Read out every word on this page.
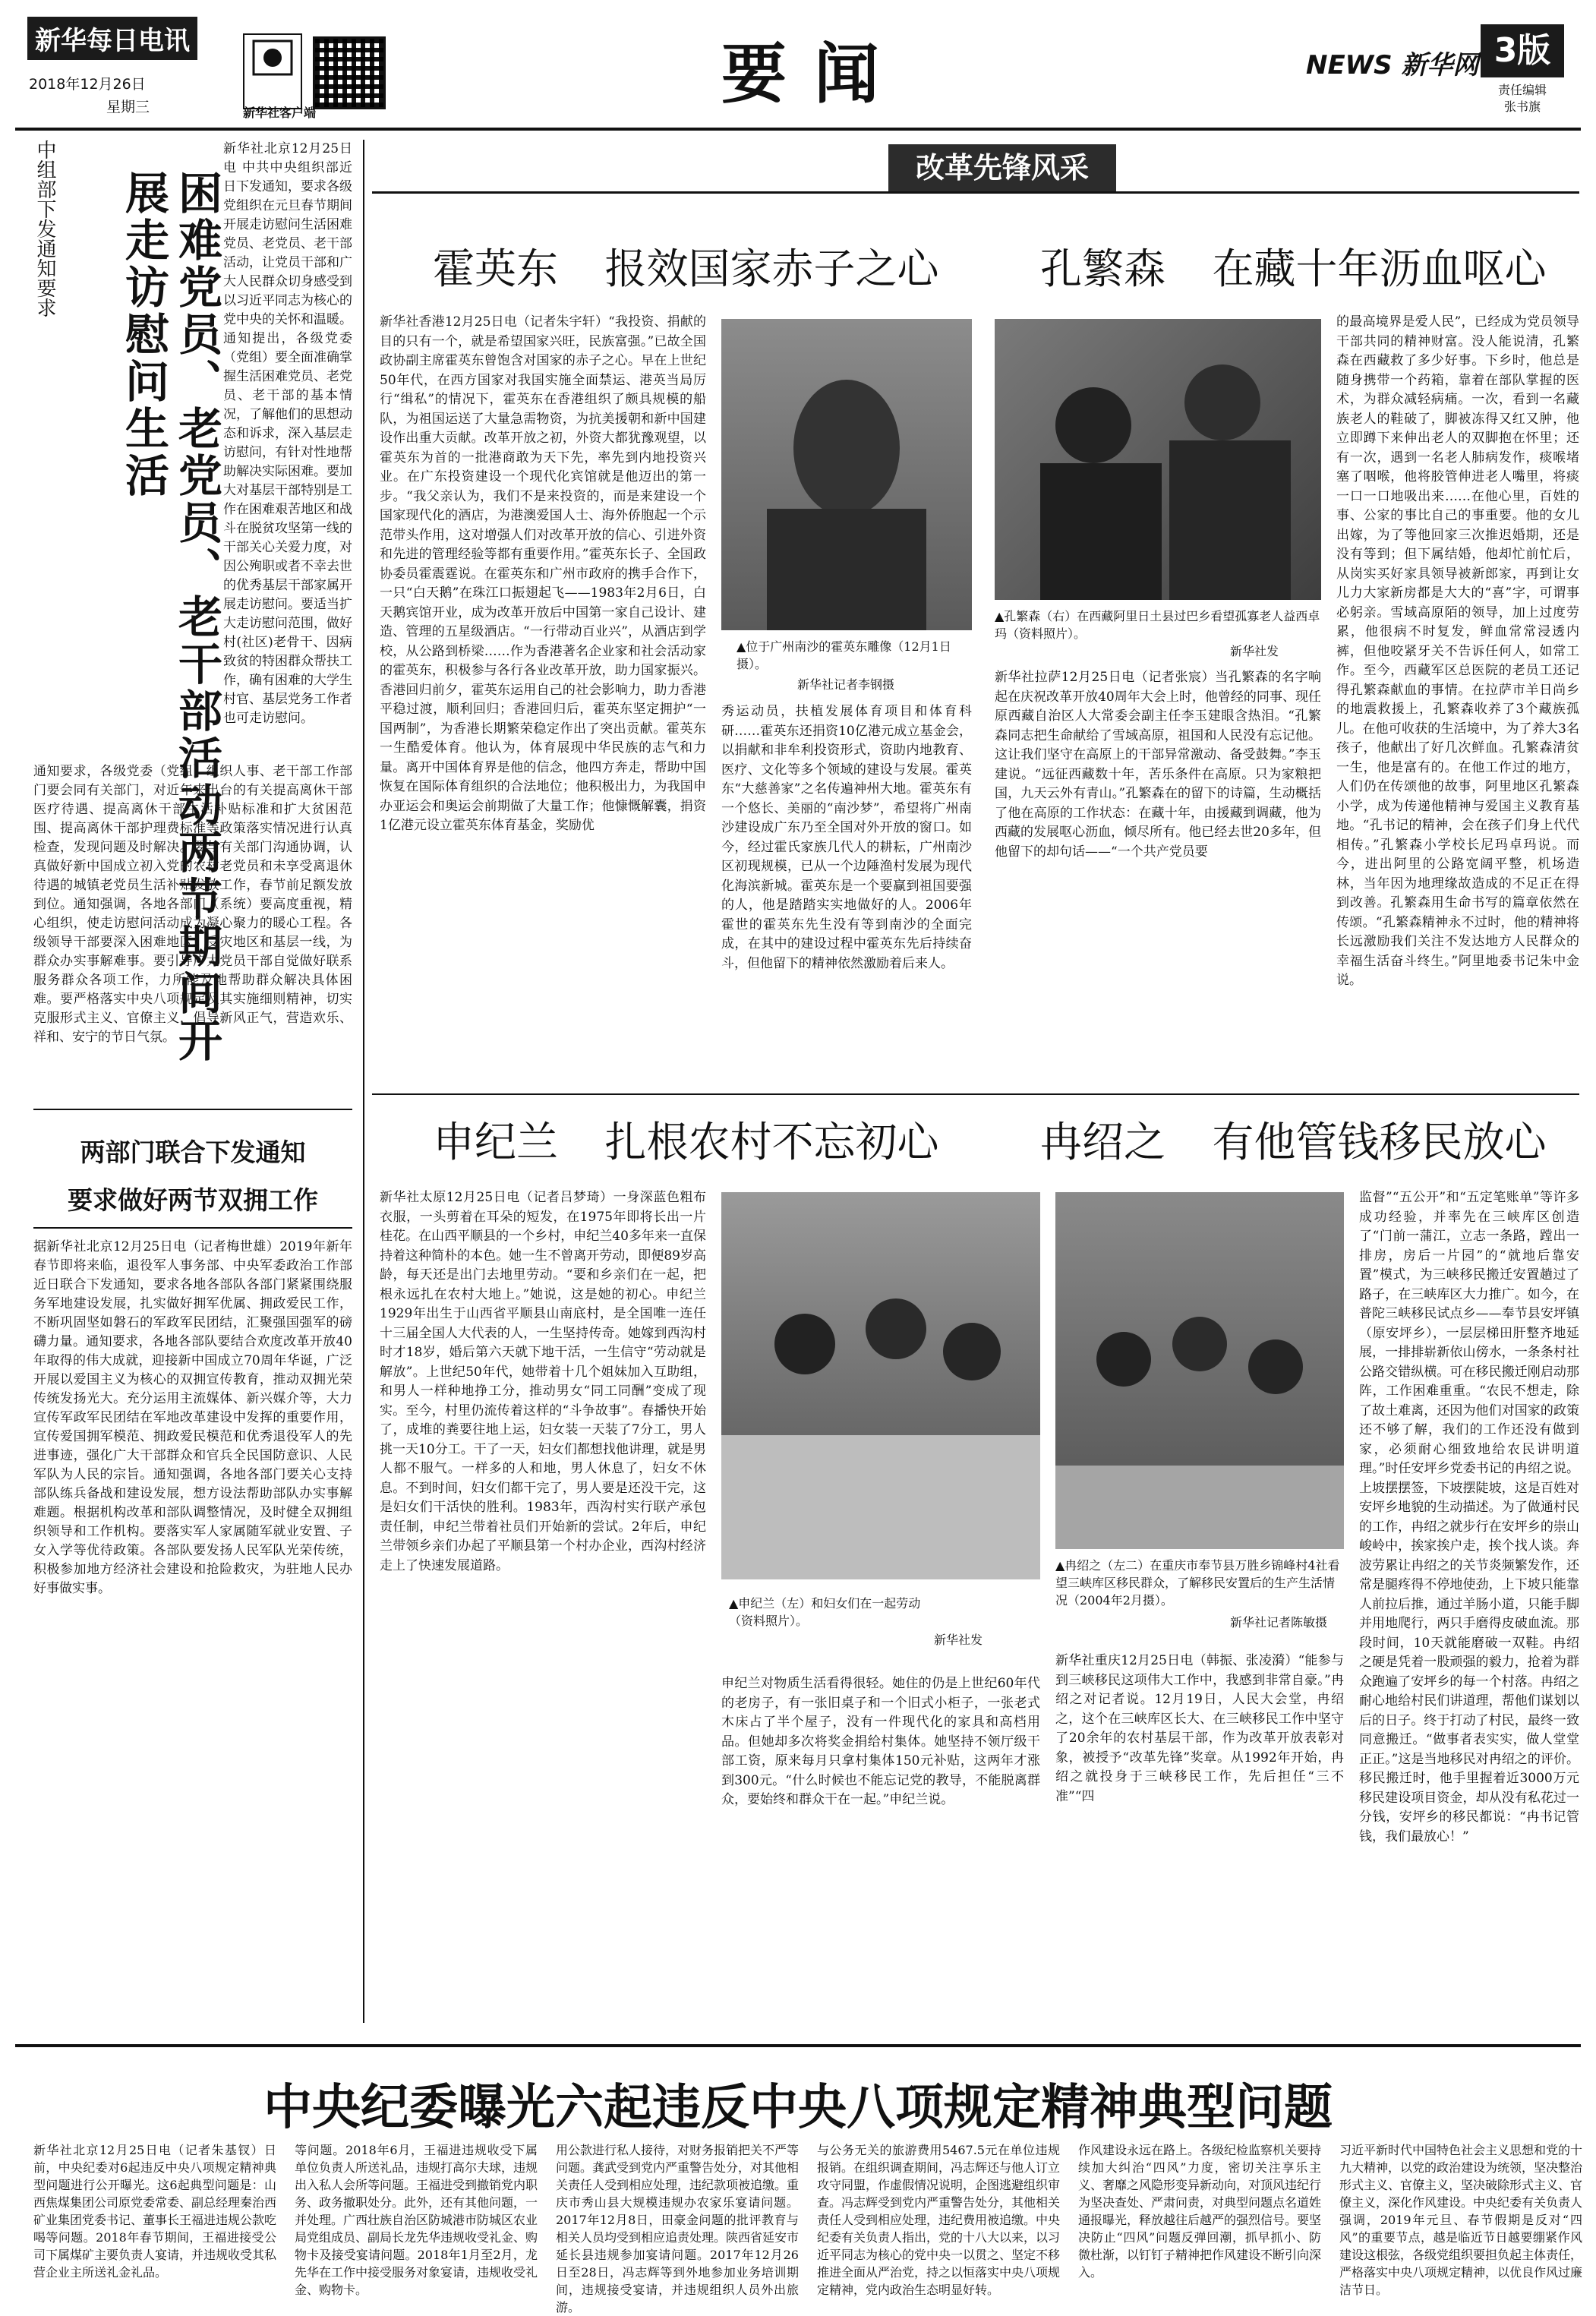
新华每日电讯
2018年12月26日
星期三	新华社客户端
要闻	NEWS 新华网 3版
责任编辑
张书旗
中组部下发通知要求	困难党员、老党员、老干部活动两节期间开展走访慰问生活
新华社北京12月25日电 中共中央组织部近日下发通知，要求各级党组织在元旦春节期间开展走访慰问生活困难党员、老党员、老干部活动，让党员干部和广大人民群众切身感受到以习近平同志为核心的党中央的关怀和温暖。通知提出，各级党委（党组）要全面准确掌握生活困难党员、老党员、老干部的基本情况，了解他们的思想动态和诉求，深入基层走访慰问，有针对性地帮助解决实际困难。要加大对基层干部特别是工作在困难艰苦地区和战斗在脱贫攻坚第一线的干部关心关爱力度，对因公殉职或者不幸去世的优秀基层干部家属开展走访慰问。要适当扩大走访慰问范围，做好村(社区)老骨干、因病致贫的特困群众帮扶工作，确有困难的大学生村官、基层党务工作者也可走访慰问。
通知要求，各级党委（党组）组织人事、老干部工作部门要会同有关部门，对近年来出台的有关提高离休干部医疗待遇、提高离休干部生活补贴标准和扩大贫困范围、提高离休干部护理费标准等政策落实情况进行认真检查，发现问题及时解决。要与有关部门沟通协调，认真做好新中国成立初入党的农村老党员和未享受离退休待遇的城镇老党员生活补贴发放工作，春节前足额发放到位。通知强调，各地各部门（系统）要高度重视，精心组织，使走访慰问活动成为凝心聚力的暖心工程。各级领导干部要深入困难地区、受灾地区和基层一线，为群众办实事解难事。要引导广大党员干部自觉做好联系服务群众各项工作，力所能及地帮助群众解决具体困难。要严格落实中央八项规定及其实施细则精神，切实克服形式主义、官僚主义，倡导新风正气，营造欢乐、祥和、安宁的节日气氛。
两部门联合下发通知
要求做好两节双拥工作
据新华社北京12月25日电（记者梅世雄）2019年新年春节即将来临，退役军人事务部、中央军委政治工作部近日联合下发通知，要求各地各部队各部门紧紧围绕服务军地建设发展，扎实做好拥军优属、拥政爱民工作，不断巩固坚如磐石的军政军民团结，汇聚强国强军的磅礴力量。通知要求，各地各部队要结合欢度改革开放40年取得的伟大成就，迎接新中国成立70周年华诞，广泛开展以爱国主义为核心的双拥宣传教育，推动双拥光荣传统发扬光大。充分运用主流媒体、新兴媒介等，大力宣传军政军民团结在军地改革建设中发挥的重要作用，宣传爱国拥军模范、拥政爱民模范和优秀退役军人的先进事迹，强化广大干部群众和官兵全民国防意识、人民军队为人民的宗旨。通知强调，各地各部门要关心支持部队练兵备战和建设发展，想方设法帮助部队办实事解难题。根据机构改革和部队调整情况，及时健全双拥组织领导和工作机构。要落实军人家属随军就业安置、子女入学等优待政策。各部队要发扬人民军队光荣传统，积极参加地方经济社会建设和抢险救灾，为驻地人民办好事做实事。
改革先锋风采
霍英东 报效国家赤子之心
新华社香港12月25日电（记者朱宇轩）“我投资、捐献的目的只有一个，就是希望国家兴旺，民族富强。”已故全国政协副主席霍英东曾饱含对国家的赤子之心。早在上世纪50年代，在西方国家对我国实施全面禁运、港英当局厉行“缉私”的情况下，霍英东在香港组织了颇具规模的船队，为祖国运送了大量急需物资，为抗美援朝和新中国建设作出重大贡献。改革开放之初，外资大都犹豫观望，以霍英东为首的一批港商敢为天下先，率先到内地投资兴业。在广东投资建设一个现代化宾馆就是他迈出的第一步。“我父亲认为，我们不是来投资的，而是来建设一个国家现代化的酒店，为港澳爱国人士、海外侨胞起一个示范带头作用，这对增强人们对改革开放的信心、引进外资和先进的管理经验等都有重要作用。”霍英东长子、全国政协委员霍震霆说。在霍英东和广州市政府的携手合作下，一只“白天鹅”在珠江口振翅起飞——1983年2月6日，白天鹅宾馆开业，成为改革开放后中国第一家自己设计、建造、管理的五星级酒店。“一行带动百业兴”，从酒店到学校，从公路到桥梁……作为香港著名企业家和社会活动家的霍英东，积极参与各行各业改革开放，助力国家振兴。香港回归前夕，霍英东运用自己的社会影响力，助力香港平稳过渡，顺利回归；香港回归后，霍英东坚定拥护“一国两制”，为香港长期繁荣稳定作出了突出贡献。霍英东一生酷爱体育。他认为，体育展现中华民族的志气和力量。离开中国体育界是他的信念，他四方奔走，帮助中国恢复在国际体育组织的合法地位；他积极出力，为我国申办亚运会和奥运会前期做了大量工作；他慷慨解囊，捐资1亿港元设立霍英东体育基金，奖励优
▲位于广州南沙的霍英东雕像（12月1日摄）。
新华社记者李钢摄
秀运动员，扶植发展体育项目和体育科研……霍英东还捐资10亿港元成立基金会，以捐献和非牟利投资形式，资助内地教育、医疗、文化等多个领域的建设与发展。霍英东“大慈善家”之名传遍神州大地。霍英东有一个悠长、美丽的“南沙梦”，希望将广州南沙建设成广东乃至全国对外开放的窗口。如今，经过霍氏家族几代人的耕耘，广州南沙区初现规模，已从一个边陲渔村发展为现代化海滨新城。霍英东是一个要赢到祖国要强的人，他是踏踏实实地做好的人。2006年霍世的霍英东先生没有等到南沙的全面完成，在其中的建设过程中霍英东先后持续奋斗，但他留下的精神依然激励着后来人。
孔繁森 在藏十年沥血呕心
▲孔繁森（右）在西藏阿里日土县过巴乡看望孤寡老人益西卓玛（资料照片）。
新华社发
新华社拉萨12月25日电（记者张宸）当孔繁森的名字响起在庆祝改革开放40周年大会上时，他曾经的同事、现任原西藏自治区人大常委会副主任李玉建眼含热泪。“孔繁森同志把生命献给了雪域高原，祖国和人民没有忘记他。这让我们坚守在高原上的干部异常激动、备受鼓舞。”李玉建说。“远征西藏数十年，苦乐条件在高原。只为家粮把国，九天云外有青山。”孔繁森在的留下的诗篇，生动概括了他在高原的工作状态：在藏十年，由援藏到调藏，他为西藏的发展呕心沥血，倾尽所有。他已经去世20多年，但他留下的却句话——“一个共产党员要
的最高境界是爱人民”，已经成为党员领导干部共同的精神财富。没人能说清，孔繁森在西藏救了多少好事。下乡时，他总是随身携带一个药箱，靠着在部队掌握的医术，为群众减轻病痛。一次，看到一名藏族老人的鞋破了，脚被冻得又红又肿，他立即蹲下来伸出老人的双脚抱在怀里；还有一次，遇到一名老人肺病发作，痰喉堵塞了咽喉，他将胶管伸进老人嘴里，将痰一口一口地吸出来……在他心里，百姓的事、公家的事比自己的事重要。他的女儿出嫁，为了等他回家三次推迟婚期，还是没有等到；但下属结婚，他却忙前忙后，从岗实买好家具领导被新郎家，再到让女儿力大家新房都是大大的“喜”字，可谓事必躬亲。雪域高原陌的领导，加上过度劳累，他很病不时复发，鲜血常常浸透内裤，但他咬紧牙关不告诉任何人，如常工作。至今，西藏军区总医院的老员工还记得孔繁森献血的事情。在拉萨市羊日尚乡的地震救援上，孔繁森收养了3个藏族孤儿。在他可收获的生活境中，为了养大3名孩子，他献出了好几次鲜血。孔繁森清贫一生，他是富有的。在他工作过的地方，人们仍在传颂他的故事，阿里地区孔繁森小学，成为传递他精神与爱国主义教育基地。“孔书记的精神，会在孩子们身上代代相传。”孔繁森小学校长尼玛卓玛说。而今，进出阿里的公路宽阔平整，机场造林，当年因为地理缘故造成的不足正在得到改善。孔繁森用生命书写的篇章依然在传颂。“孔繁森精神永不过时，他的精神将长远激励我们关注不发达地方人民群众的幸福生活奋斗终生。”阿里地委书记朱中金说。
申纪兰 扎根农村不忘初心
新华社太原12月25日电（记者吕梦琦）一身深蓝色粗布衣服，一头剪着在耳朵的短发，在1975年即将长出一片桂花。在山西平顺县的一个乡村，申纪兰40多年来一直保持着这种简朴的本色。她一生不曾离开劳动，即便89岁高龄，每天还是出门去地里劳动。“要和乡亲们在一起，把根永远扎在农村大地上。”她说，这是她的初心。申纪兰1929年出生于山西省平顺县山南底村，是全国唯一连任十三届全国人大代表的人，一生坚持传奇。她嫁到西沟村时才18岁，婚后第六天就下地干活，一生信守“劳动就是解放”。上世纪50年代，她带着十几个姐妹加入互助组，和男人一样种地挣工分，推动男女“同工同酬”变成了现实。至今，村里仍流传着这样的“斗争故事”。春播快开始了，成堆的粪要往地上运，妇女装一天装了7分工，男人挑一天10分工。干了一天，妇女们都想找他讲理，就是男人都不服气。一样多的人和地，男人休息了，妇女不休息。不到时间，妇女们都干完了，男人要是还没干完，这是妇女们干活快的胜利。1983年，西沟村实行联产承包责任制，申纪兰带着社员们开始新的尝试。2年后，申纪兰带领乡亲们办起了平顺县第一个村办企业，西沟村经济走上了快速发展道路。
▲申纪兰（左）和妇女们在一起劳动（资料照片）。
新华社发
申纪兰对物质生活看得很轻。她住的仍是上世纪60年代的老房子，有一张旧桌子和一个旧式小柜子，一张老式木床占了半个屋子，没有一件现代化的家具和高档用品。但她却多次将奖金捐给村集体。她坚持不领厅级干部工资，原来每月只拿村集体150元补贴，这两年才涨到300元。“什么时候也不能忘记党的教导，不能脱离群众，要始终和群众干在一起。”申纪兰说。
冉绍之 有他管钱移民放心
▲冉绍之（左二）在重庆市奉节县万胜乡锦峰村4社看望三峡库区移民群众，了解移民安置后的生产生活情况（2004年2月摄）。
新华社记者陈敏摄
新华社重庆12月25日电（韩振、张凌漪）“能参与到三峡移民这项伟大工作中，我感到非常自豪。”冉绍之对记者说。12月19日，人民大会堂，冉绍之，这个在三峡库区长大、在三峡移民工作中坚守了20余年的农村基层干部，作为改革开放表彰对象，被授予“改革先锋”奖章。从1992年开始，冉绍之就投身于三峡移民工作，先后担任“三不准”“四
监督”“五公开”和“五定笔账单”等许多成功经验，并率先在三峡库区创造了“门前一蒲江，立志一条路，蹚出一排房，房后一片园”的“就地后靠安置”模式，为三峡移民搬迁安置趟过了路子，在三峡库区大力推广。如今，在普陀三峡移民试点乡——奉节县安坪镇（原安坪乡），一层层梯田肝整齐地延展，一排排崭新依山傍水，一条条村社公路交错纵横。可在移民搬迁刚启动那阵，工作困难重重。“农民不想走，除了故土难离，还因为他们对国家的政策还不够了解，我们的工作还没有做到家，必须耐心细致地给农民讲明道理。”时任安坪乡党委书记的冉绍之说。上坡摆摆签，下坡摆陡坡，这是百姓对安坪乡地貌的生动描述。为了做通村民的工作，冉绍之就步行在安坪乡的崇山峻岭中，挨家挨户走，挨个找人谈。奔波劳累让冉绍之的关节炎频繁发作，还常是腿疼得不停地使劲，上下坡只能靠人前拉后推，通过羊肠小道，只能手脚并用地爬行，两只手磨得皮破血流。那段时间，10天就能磨破一双鞋。冉绍之硬是凭着一股顽强的毅力，抢着为群众跑遍了安坪乡的每一个村落。冉绍之耐心地给村民们讲道理，帮他们谋划以后的日子。终于打动了村民，最终一致同意搬迁。“做事者表实实，做人堂堂正正。”这是当地移民对冉绍之的评价。移民搬迁时，他手里握着近3000万元移民建设项目资金，却从没有私花过一分钱，安坪乡的移民都说：“冉书记管钱，我们最放心！”
中央纪委曝光六起违反中央八项规定精神典型问题
新华社北京12月25日电（记者朱基钗）日前，中央纪委对6起违反中央八项规定精神典型问题进行公开曝光。这6起典型问题是：山西焦煤集团公司原党委常委、副总经理秦治西矿业集团党委书记、董事长王福进违规公款吃喝等问题。2018年春节期间，王福进接受公司下属煤矿主要负责人宴请，并违规收受其私营企业主所送礼金礼品。
等问题。2018年6月，王福进违规收受下属单位负责人所送礼品，违规打高尔夫球，违规出入私人会所等问题。王福进受到撤销党内职务、政务撤职处分。此外，还有其他问题，一并处理。广西壮族自治区防城港市防城区农业局党组成员、副局长龙先华违规收受礼金、购物卡及接受宴请问题。2018年1月至2月，龙先华在工作中接受服务对象宴请，违规收受礼金、购物卡。
用公款进行私人接待，对财务报销把关不严等问题。龚武受到党内严重警告处分，对其他相关责任人受到相应处理，违纪款项被追缴。重庆市秀山县大规模违规办农家乐宴请问题。2017年12月8日，田豪金问题的批评教育与相关人员均受到相应追责处理。陕西省延安市延长县违规参加宴请问题。2017年12月26日至28日，冯志辉等到外地参加业务培训期间，违规接受宴请，并违规组织人员外出旅游。
与公务无关的旅游费用5467.5元在单位违规报销。在组织调查期间，冯志辉还与他人订立攻守同盟，作虚假情况说明，企图逃避组织审查。冯志辉受到党内严重警告处分，其他相关责任人受到相应处理，违纪费用被追缴。中央纪委有关负责人指出，党的十八大以来，以习近平同志为核心的党中央一以贯之、坚定不移推进全面从严治党，持之以恒落实中央八项规定精神，党内政治生态明显好转。
作风建设永远在路上。各级纪检监察机关要持续加大纠治“四风”力度，密切关注享乐主义、奢靡之风隐形变异新动向，对顶风违纪行为坚决查处、严肃问责，对典型问题点名道姓通报曝光，释放越往后越严的强烈信号。要坚决防止“四风”问题反弹回潮，抓早抓小、防微杜渐，以钉钉子精神把作风建设不断引向深入。
习近平新时代中国特色社会主义思想和党的十九大精神，以党的政治建设为统领，坚决整治形式主义、官僚主义，坚决破除形式主义、官僚主义，深化作风建设。中央纪委有关负责人强调，2019年元旦、春节假期是反对“四风”的重要节点，越是临近节日越要绷紧作风建设这根弦，各级党组织要担负起主体责任，严格落实中央八项规定精神，以优良作风过廉洁节日。
